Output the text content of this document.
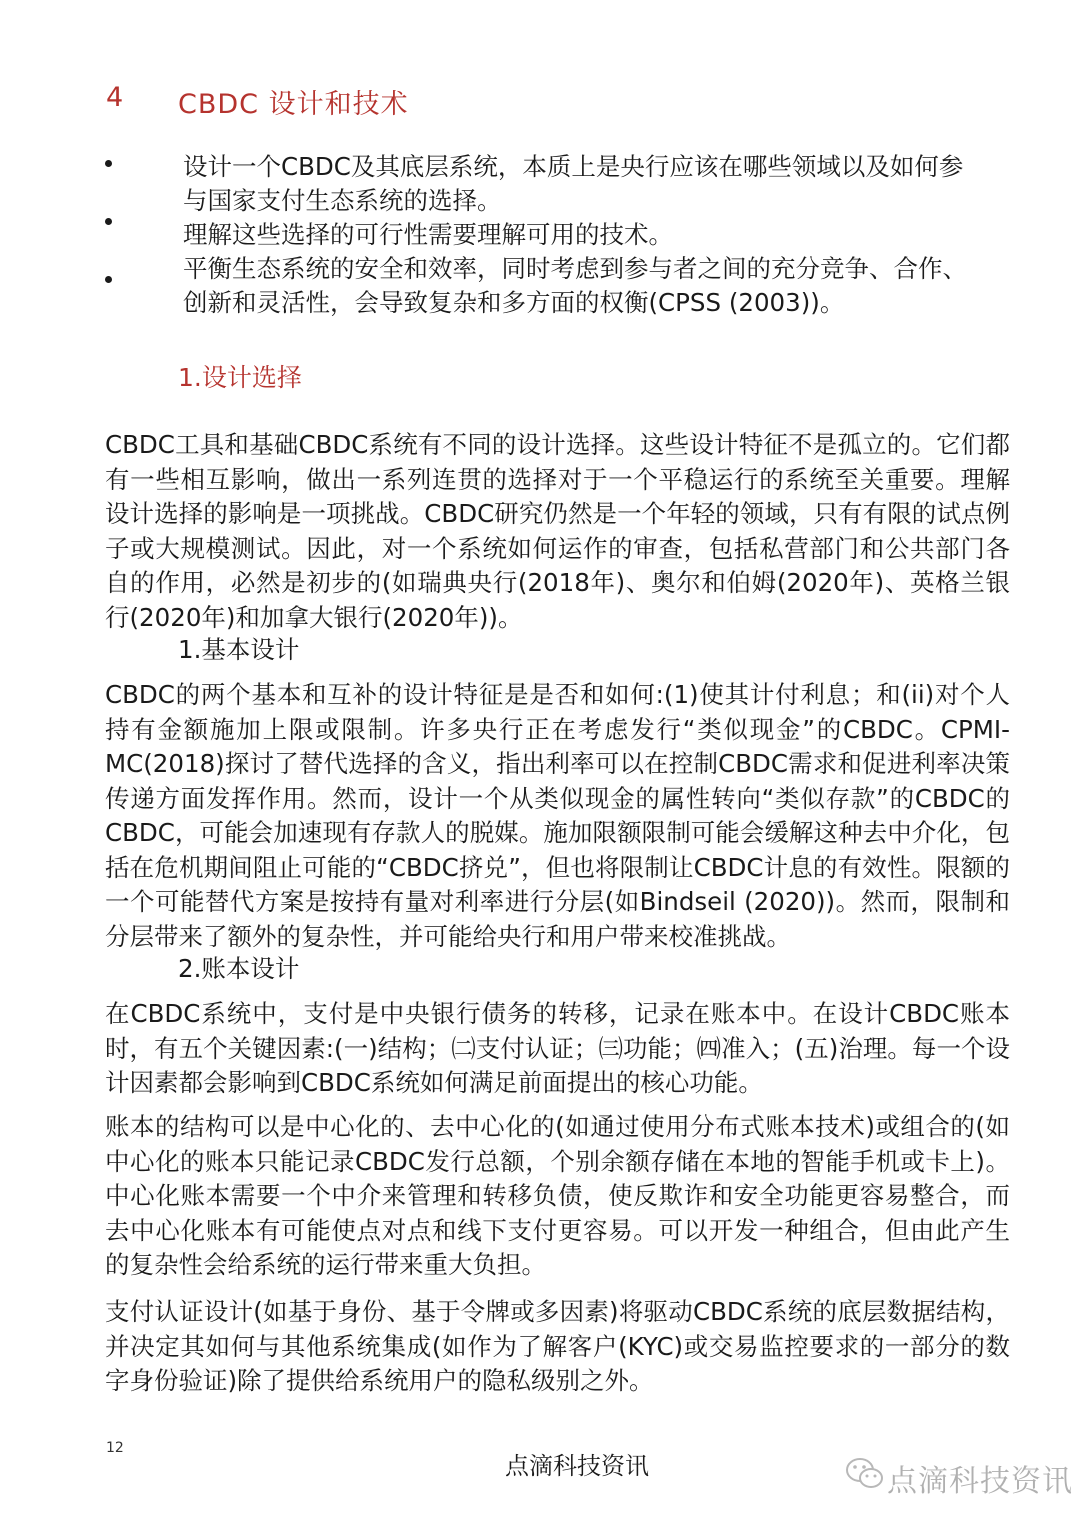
4 CBDC 设计和技术

设计一个CBDC及其底层系统，本质上是央行应该在哪些领域以及如何参与国家支付生态系统的选择。

理解这些选择的可行性需要理解可用的技术。

平衡生态系统的安全和效率，同时考虑到参与者之间的充分竞争、合作、创新和灵活性，会导致复杂和多方面的权衡(CPSS (2003))。

1.设计选择

CBDC工具和基础CBDC系统有不同的设计选择。这些设计特征不是孤立的。它们都有一些相互影响，做出一系列连贯的选择对于一个平稳运行的系统至关重要。理解设计选择的影响是一项挑战。CBDC研究仍然是一个年轻的领域，只有有限的试点例子或大规模测试。因此，对一个系统如何运作的审查，包括私营部门和公共部门各自的作用，必然是初步的(如瑞典央行(2018年)、奥尔和伯姆(2020年)、英格兰银行(2020年)和加拿大银行(2020年))。

1.基本设计

CBDC的两个基本和互补的设计特征是是否和如何:(1)使其计付利息；和(ii)对个人持有金额施加上限或限制。许多央行正在考虑发行“类似现金”的CBDC。CPMI-MC(2018)探讨了替代选择的含义，指出利率可以在控制CBDC需求和促进利率决策传递方面发挥作用。然而，设计一个从类似现金的属性转向“类似存款”的CBDC的CBDC，可能会加速现有存款人的脱媒。施加限额限制可能会缓解这种去中介化，包括在危机期间阻止可能的“CBDC挤兑”，但也将限制让CBDC计息的有效性。限额的一个可能替代方案是按持有量对利率进行分层(如Bindseil (2020))。然而，限制和分层带来了额外的复杂性，并可能给央行和用户带来校准挑战。

2.账本设计

在CBDC系统中，支付是中央银行债务的转移，记录在账本中。在设计CBDC账本时，有五个关键因素:(一)结构；㈡支付认证；㈢功能；㈣准入；(五)治理。每一个设计因素都会影响到CBDC系统如何满足前面提出的核心功能。

账本的结构可以是中心化的、去中心化的(如通过使用分布式账本技术)或组合的(如中心化的账本只能记录CBDC发行总额，个别余额存储在本地的智能手机或卡上)。中心化账本需要一个中介来管理和转移负债，使反欺诈和安全功能更容易整合，而去中心化账本有可能使点对点和线下支付更容易。可以开发一种组合，但由此产生的复杂性会给系统的运行带来重大负担。

支付认证设计(如基于身份、基于令牌或多因素)将驱动CBDC系统的底层数据结构，并决定其如何与其他系统集成(如作为了解客户(KYC)或交易监控要求的一部分的数字身份验证)除了提供给系统用户的隐私级别之外。

12
点滴科技资讯	点滴科技资讯
